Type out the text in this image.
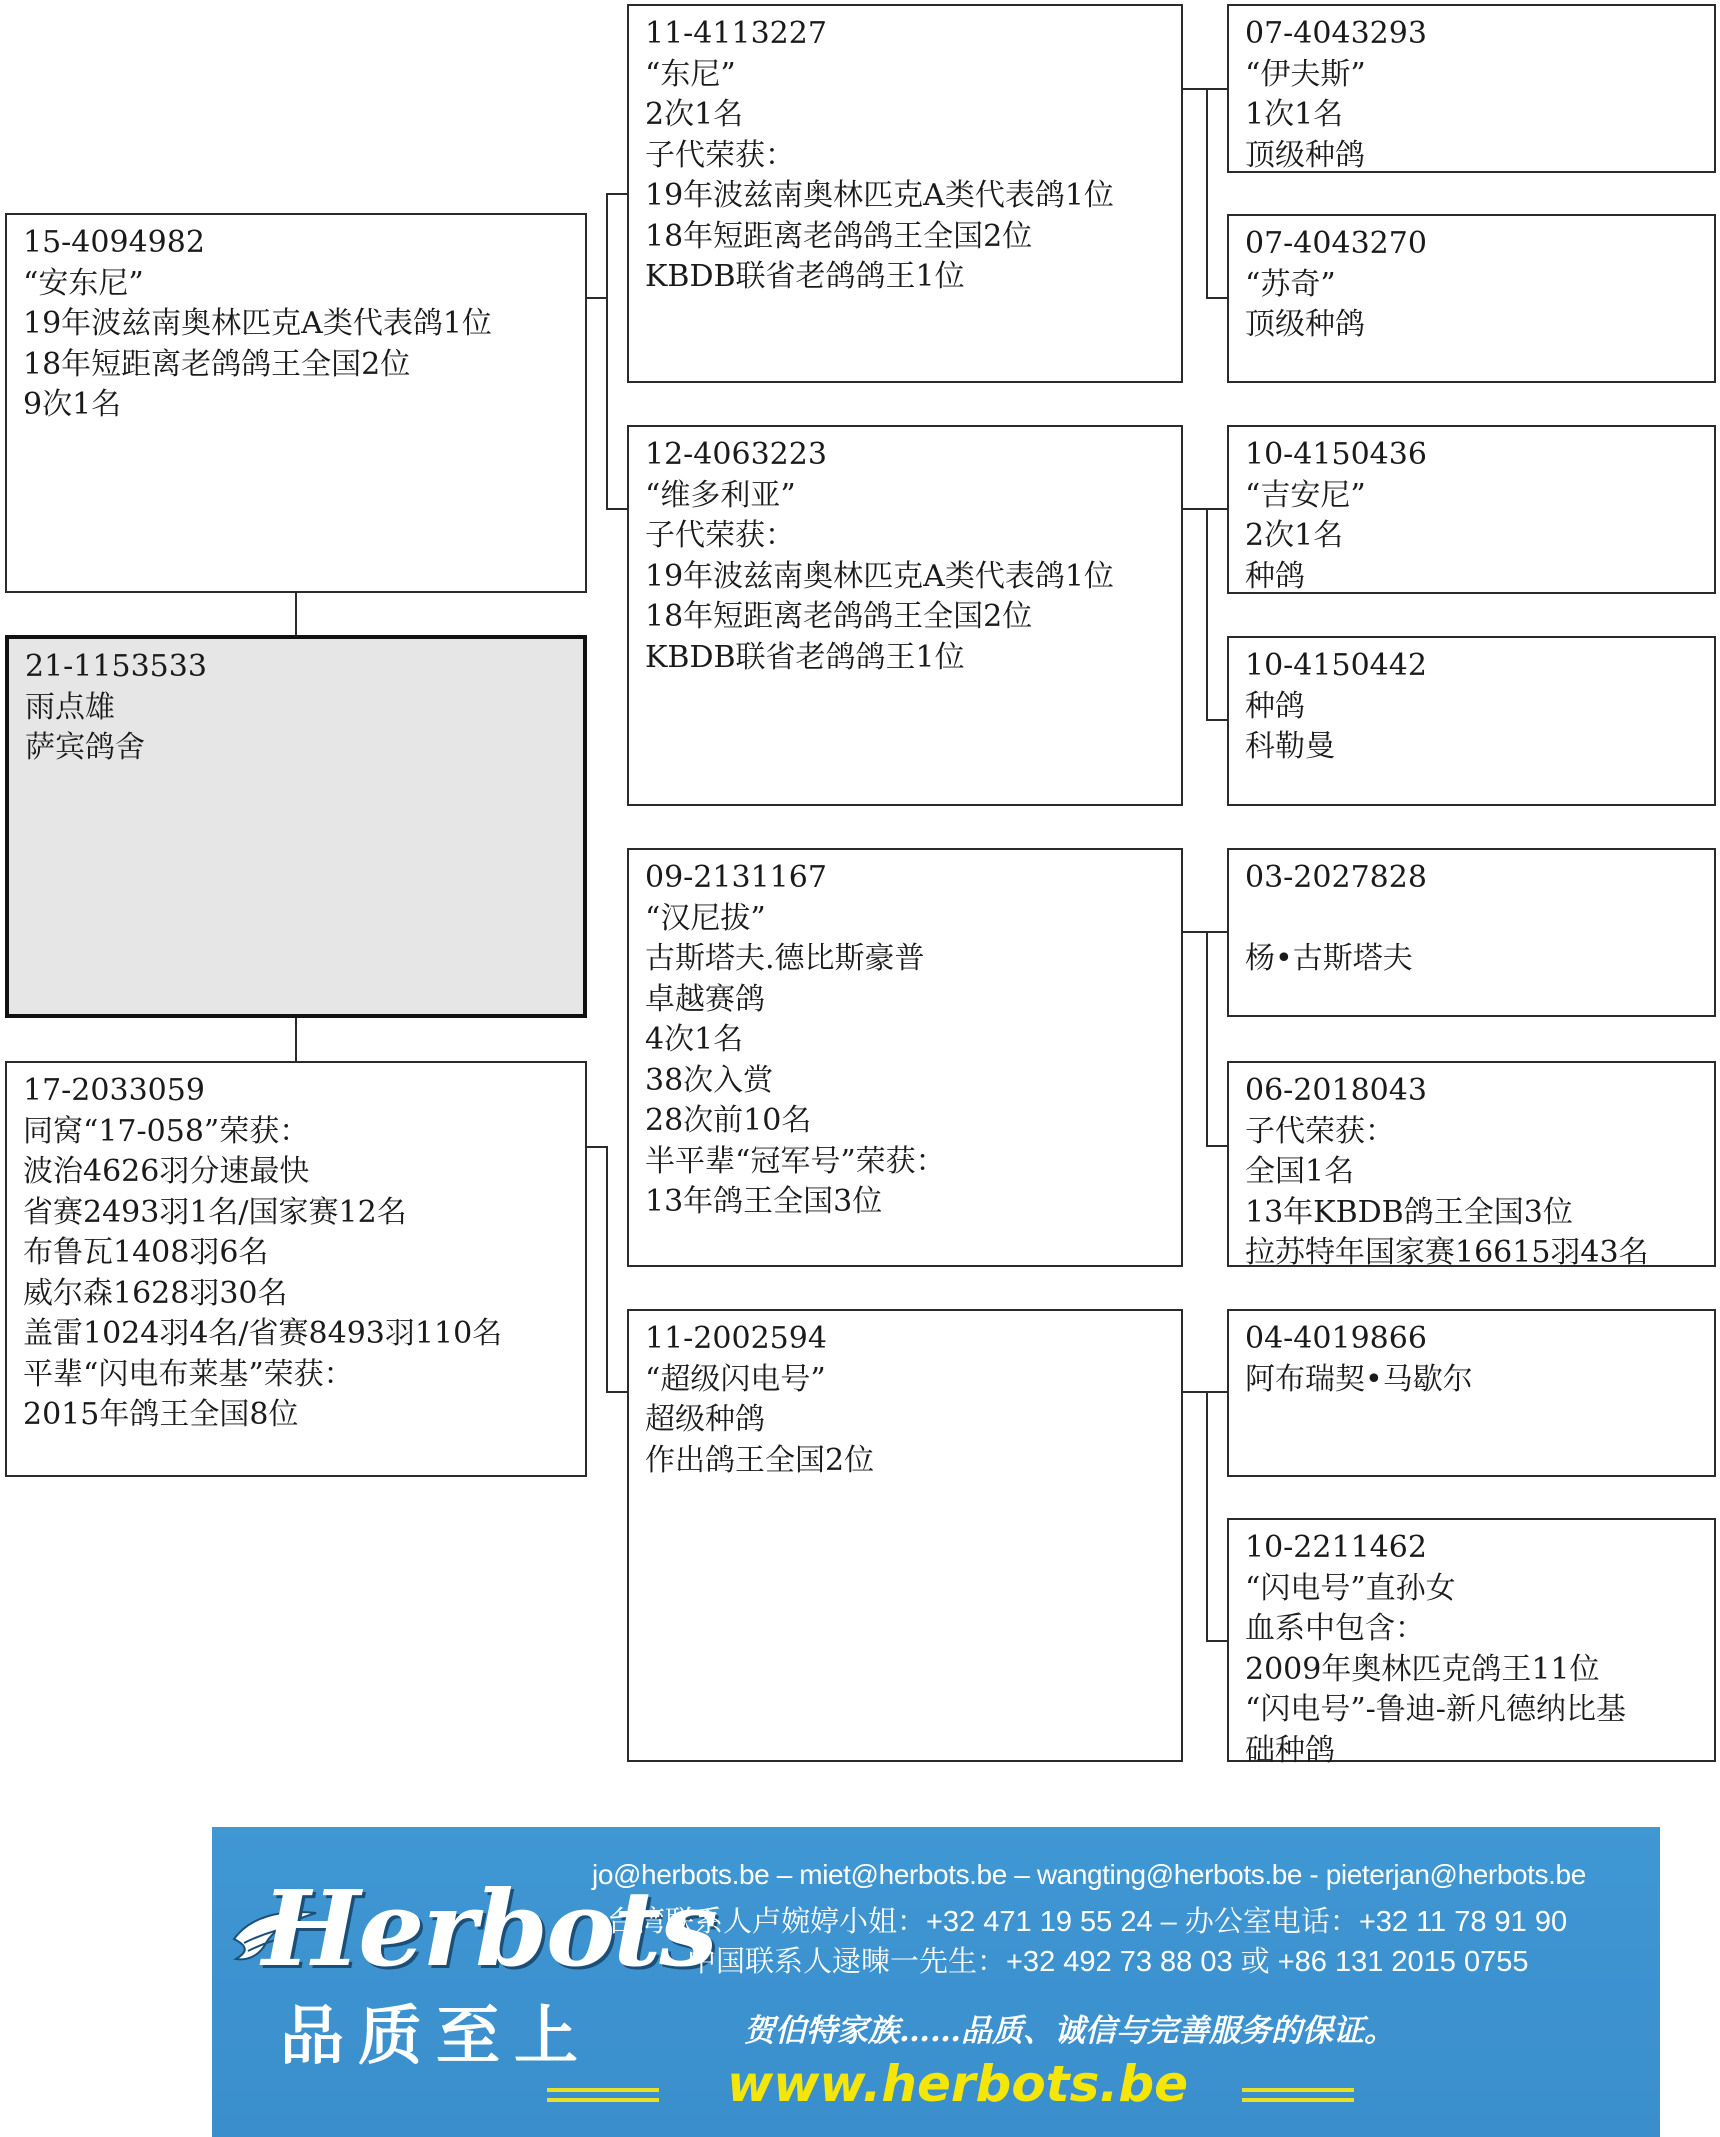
21-1153533
雨点雄
萨宾鸽舍
15-4094982
“安东尼”
19年波兹南奥林匹克A类代表鸽1位
18年短距离老鸽鸽王全国2位
9次1名
17-2033059
同窝“17-058”荣获：
波治4626羽分速最快
省赛2493羽1名/国家赛12名
布鲁瓦1408羽6名
威尔森1628羽30名
盖雷1024羽4名/省赛8493羽110名
平辈“闪电布莱基”荣获：
2015年鸽王全国8位
11-4113227
“东尼”
2次1名
子代荣获：
19年波兹南奥林匹克A类代表鸽1位
18年短距离老鸽鸽王全国2位
KBDB联省老鸽鸽王1位
12-4063223
“维多利亚”
子代荣获：
19年波兹南奥林匹克A类代表鸽1位
18年短距离老鸽鸽王全国2位
KBDB联省老鸽鸽王1位
09-2131167
“汉尼拔”
古斯塔夫.德比斯豪普
卓越赛鸽
4次1名
38次入赏
28次前10名
半平辈“冠军号”荣获：
13年鸽王全国3位
11-2002594
“超级闪电号”
超级种鸽
作出鸽王全国2位
07-4043293
“伊夫斯”
1次1名
顶级种鸽
07-4043270
“苏奇”
顶级种鸽
10-4150436
“吉安尼”
2次1名
种鸽
10-4150442
种鸽
科勒曼
03-2027828

杨•古斯塔夫
06-2018043
子代荣获：
全国1名
13年KBDB鸽王全国3位
拉苏特年国家赛16615羽43名
04-4019866
阿布瑞契•马歇尔
10-2211462
“闪电号”直孙女
血系中包含：
2009年奥林匹克鸽王11位
“闪电号”-鲁迪-新凡德纳比基
础种鸽
Herbots
品质至上
jo@herbots.be – miet@herbots.be – wangting@herbots.be - pieterjan@herbots.be
台湾联系人卢婉婷小姐：+32 471 19 55 24 – 办公室电话：+32 11 78 91 90
中国联系人逯暕一先生：+32 492 73 88 03 或 +86 131 2015 0755
贺伯特家族……品质、诚信与完善服务的保证。
www.herbots.be
